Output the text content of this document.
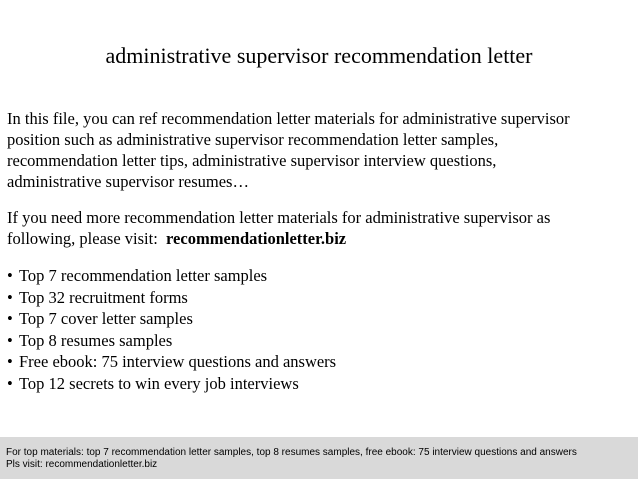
administrative supervisor recommendation letter
In this file, you can ref recommendation letter materials for administrative supervisor
position such as administrative supervisor recommendation letter samples,
recommendation letter tips, administrative supervisor interview questions,
administrative supervisor resumes…
If you need more recommendation letter materials for administrative supervisor as
following, please visit: recommendationletter.biz
• Top 7 recommendation letter samples
• Top 32 recruitment forms
• Top 7 cover letter samples
• Top 8 resumes samples
• Free ebook: 75 interview questions and answers
• Top 12 secrets to win every job interviews
For top materials: top 7 recommendation letter samples, top 8 resumes samples, free ebook: 75 interview questions and answers
Pls visit: recommendationletter.biz
